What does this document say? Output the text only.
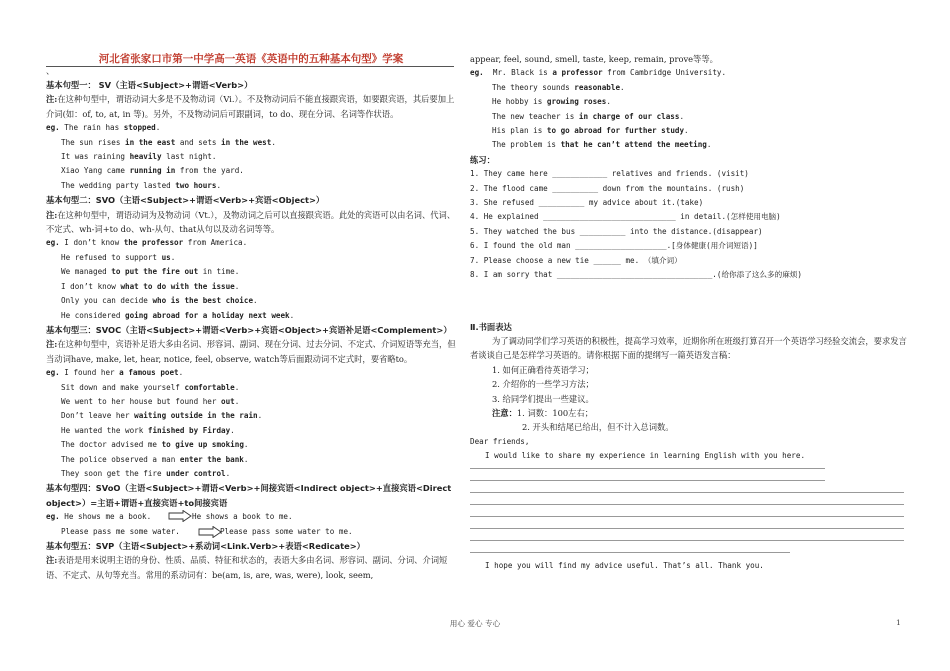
河北省张家口市第一中学高一英语《英语中的五种基本句型》学案
、
基本句型一： SV（主语<Subject>+谓语<Verb>）
注:在这种句型中，谓语动词大多是不及物动词（Vi.）。不及物动词后不能直接跟宾语，如要跟宾语，其后要加上介词(如：of, to, at, in 等)。另外，不及物动词后可跟副词，to do、现在分词、名词等作状语。
eg. The rain has stopped.
The sun rises in the east and sets in the west.
It was raining heavily last night.
Xiao Yang came running in from the yard.
The wedding party lasted two hours.
基本句型二：SVO（主语<Subject>+谓语<Verb>+宾语<Object>）
注:在这种句型中，谓语动词为及物动词（Vt.），及物动词之后可以直接跟宾语。此处的宾语可以由名词、代词、不定式、wh-词+to do、wh-从句、that从句以及动名词等等。
eg. I don’t know the professor from America.
He refused to support us.
We managed to put the fire out in time.
I don’t know what to do with the issue.
Only you can decide who is the best choice.
He considered going abroad for a holiday next week.
基本句型三：SVOC（主语<Subject>+谓语<Verb>+宾语<Object>+宾语补足语<Complement>）
注:在这种句型中，宾语补足语大多由名词、形容词、副词、现在分词、过去分词、不定式、介词短语等充当，但当动词have, make, let, hear, notice, feel, observe, watch等后面跟动词不定式时，要省略to。
eg. I found her a famous poet.
Sit down and make yourself comfortable.
We went to her house but found her out.
Don’t leave her waiting outside in the rain.
He wanted the work finished by Firday.
The doctor advised me to give up smoking.
The police observed a man enter the bank.
They soon get the fire under control.
基本句型四：SVoO（主语<Subject>+谓语<Verb>+间接宾语<Indirect object>+直接宾语<Direct object>）=主语+谓语+直接宾语+to间接宾语
eg. He shows me a book.	He shows a book to me.
Please pass me some water.	Please pass some water to me.
基本句型五：SVP（主语<Subject>+系动词<Link.Verb>+表语<Redicate>）
注:表语是用来说明主语的身份、性质、品质、特征和状态的，表语大多由名词、形容词、副词、分词、介词短语、不定式、从句等充当。常用的系动词有：be(am, is, are, was, were), look, seem,
appear, feel, sound, smell, taste, keep, remain, prove等等。
eg. Mr. Black is a professor from Cambridge University.
The theory sounds reasonable.
He hobby is growing roses.
The new teacher is in charge of our class.
His plan is to go abroad for further study.
The problem is that he can’t attend the meeting.
练习：
1. They came here ____________ relatives and friends. (visit)
2. The flood came __________ down from the mountains. (rush)
3. She refused __________ my advice about it.(take)
4. He explained _____________________________ in detail.(怎样使用电脑)
5. They watched the bus __________ into the distance.(disappear)
6. I found the old man ____________________.[身体健康(用介词短语)]
7. Please choose a new tie ______ me. （填介词）
8. I am sorry that __________________________________.(给你添了这么多的麻烦)
Ⅱ.书面表达
为了调动同学们学习英语的积极性，提高学习效率，近期你所在班级打算召开一个英语学习经验交流会，要求发言者谈谈自己是怎样学习英语的。请你根据下面的提纲写一篇英语发言稿：
1. 如何正确看待英语学习；
2. 介绍你的一些学习方法；
3. 给同学们提出一些建议。
注意：1. 词数：100左右；
2. 开头和结尾已给出，但不计入总词数。
Dear friends,
I would like to share my experience in learning English with you here.
I hope you will find my advice useful. That’s all. Thank you.
用心 爱心 专心	1
